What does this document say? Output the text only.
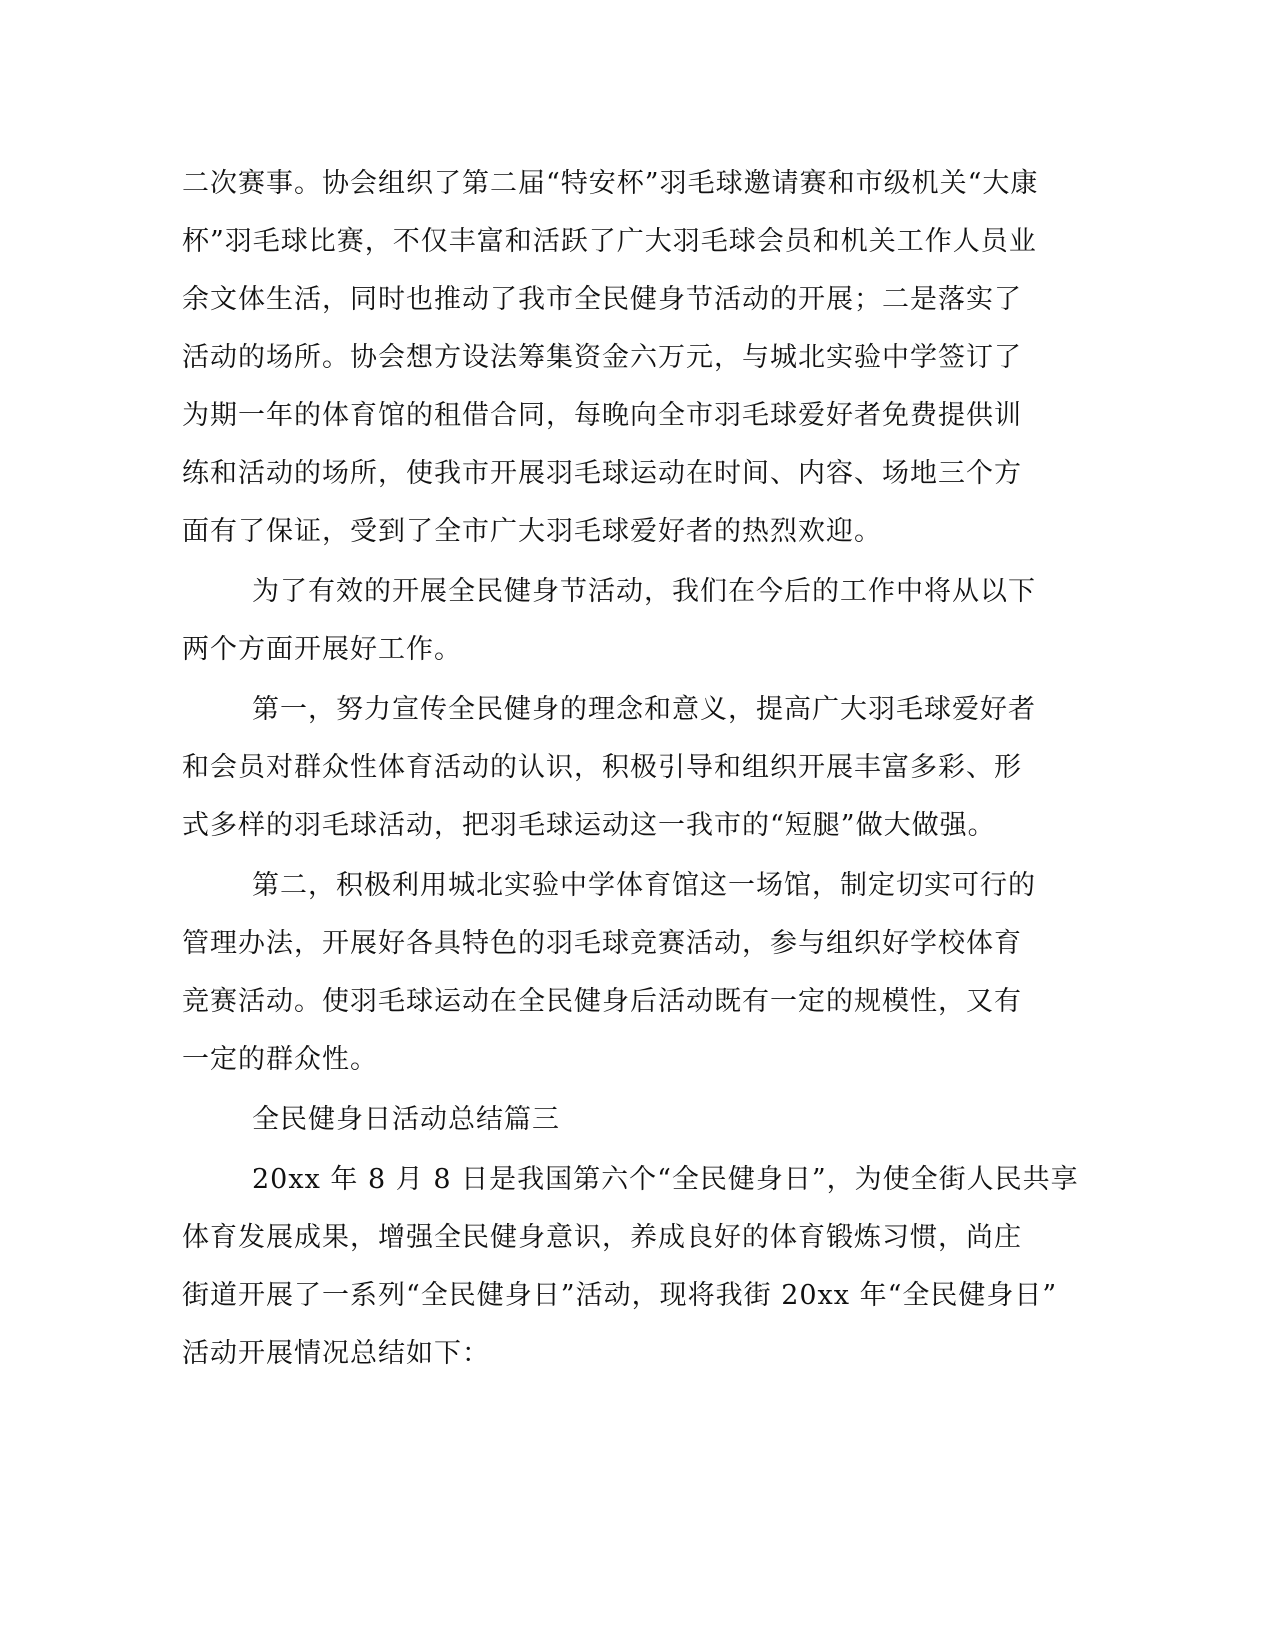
二次赛事。协会组织了第二届“特安杯”羽毛球邀请赛和市级机关“大康
杯”羽毛球比赛，不仅丰富和活跃了广大羽毛球会员和机关工作人员业
余文体生活，同时也推动了我市全民健身节活动的开展；二是落实了
活动的场所。协会想方设法筹集资金六万元，与城北实验中学签订了
为期一年的体育馆的租借合同，每晚向全市羽毛球爱好者免费提供训
练和活动的场所，使我市开展羽毛球运动在时间、内容、场地三个方
面有了保证，受到了全市广大羽毛球爱好者的热烈欢迎。
为了有效的开展全民健身节活动，我们在今后的工作中将从以下
两个方面开展好工作。
第一，努力宣传全民健身的理念和意义，提高广大羽毛球爱好者
和会员对群众性体育活动的认识，积极引导和组织开展丰富多彩、形
式多样的羽毛球活动，把羽毛球运动这一我市的“短腿”做大做强。
第二，积极利用城北实验中学体育馆这一场馆，制定切实可行的
管理办法，开展好各具特色的羽毛球竞赛活动，参与组织好学校体育
竞赛活动。使羽毛球运动在全民健身后活动既有一定的规模性，又有
一定的群众性。
全民健身日活动总结篇三
20xx 年 8 月 8 日是我国第六个“全民健身日”，为使全街人民共享
体育发展成果，增强全民健身意识，养成良好的体育锻炼习惯，尚庄
街道开展了一系列“全民健身日”活动，现将我街 20xx 年“全民健身日”
活动开展情况总结如下：
